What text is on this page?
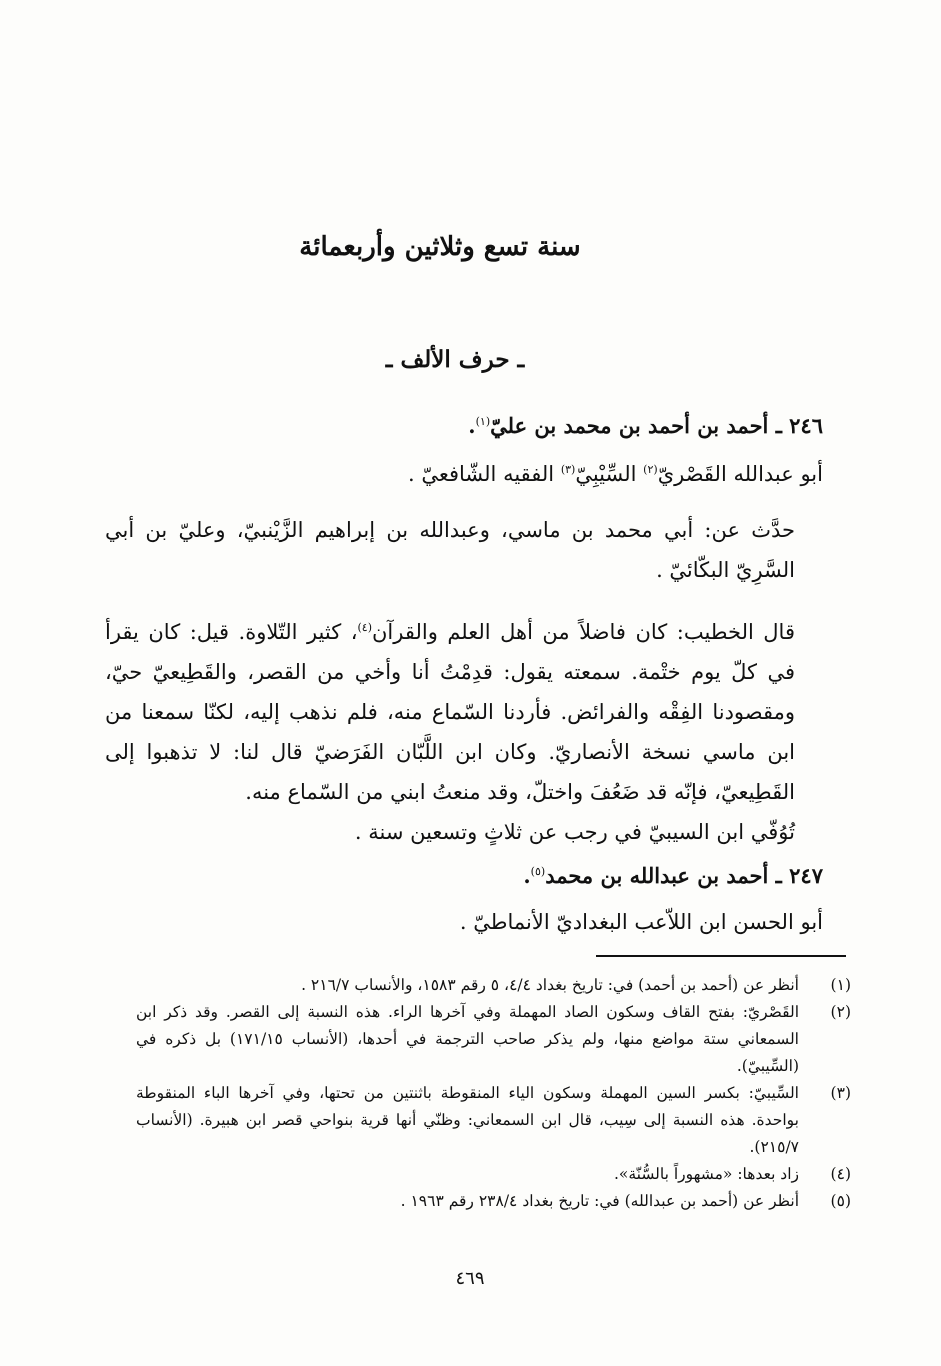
سنة تسع وثلاثين وأربعمائة
ـ حرف الألف ـ
٢٤٦ ـ أحمد بن أحمد بن محمد بن عليّ$^{(١)}$.
أبو عبدالله القَصْريّ$^{(٢)}$ السِّيْبِيّ$^{(٣)}$ الفقيه الشّافعيّ .
حدَّث عن: أبي محمد بن ماسي، وعبدالله بن إبراهيم الزَّيْنبيّ، وعليّ بن أبي السَّرِيّ البكّائيّ .
قال الخطيب: كان فاضلاً من أهل العلم والقرآن$^{(٤)}$، كثير التّلاوة. قيل: كان يقرأ في كلّ يوم ختْمة. سمعته يقول: قدِمْتُ أنا وأخي من القصر، والقَطِيعيّ حيّ، ومقصودنا الفِقْه والفرائض. فأردنا السّماع منه، فلم نذهب إليه، لكنّا سمعنا من ابن ماسي نسخة الأنصاريّ. وكان ابن اللَّبّان الفَرَضيّ قال لنا: لا تذهبوا إلى القَطِيعيّ، فإنّه قد ضَعُفَ واختلّ، وقد منعتُ ابني من السّماع منه.
تُوُفّي ابن السيبيّ في رجب عن ثلاثٍ وتسعين سنة .
٢٤٧ ـ أحمد بن عبدالله بن محمد$^{(٥)}$.
أبو الحسن ابن اللاّعب البغداديّ الأنماطيّ .
(١)
أنظر عن (أحمد بن أحمد) في: تاريخ بغداد ٤/٤، ٥ رقم ١٥٨٣، والأنساب ٢١٦/٧ .
(٢)
القَصْريّ: بفتح القاف وسكون الصاد المهملة وفي آخرها الراء. هذه النسبة إلى القصر. وقد ذكر ابن السمعاني ستة مواضع منها، ولم يذكر صاحب الترجمة في أحدها، (الأنساب ١٧١/١٥) بل ذكره في (السِّيبيّ).
(٣)
السِّيبيّ: بكسر السين المهملة وسكون الياء المنقوطة باثنتين من تحتها، وفي آخرها الباء المنقوطة بواحدة. هذه النسبة إلى سِيب، قال ابن السمعاني: وظنّي أنها قرية بنواحي قصر ابن هبيرة. (الأنساب ٢١٥/٧).
(٤)
زاد بعدها: «مشهوراً بالسُّنّة».
(٥)
أنظر عن (أحمد بن عبدالله) في: تاريخ بغداد ٢٣٨/٤ رقم ١٩٦٣ .
٤٦٩
